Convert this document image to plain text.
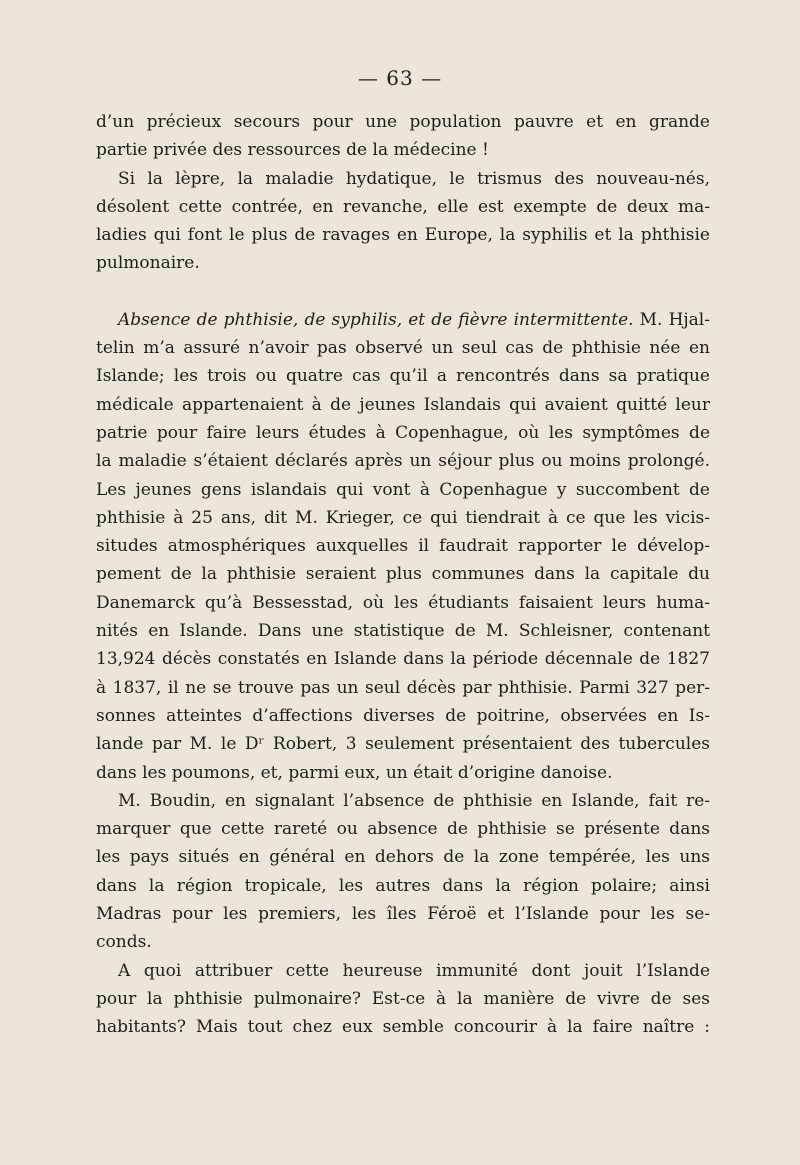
— 63 —
d’un précieux secours pour une population pauvre et en grande
partie privée des ressources de la médecine !
Si la lèpre, la maladie hydatique, le trismus des nouveau-nés,
désolent cette contrée, en revanche, elle est exempte de deux ma-
ladies qui font le plus de ravages en Europe, la syphilis et la phthisie
pulmonaire.
Absence de phthisie, de syphilis, et de fièvre intermittente. M. Hjal-
telin m’a assuré n’avoir pas observé un seul cas de phthisie née en
Islande; les trois ou quatre cas qu’il a rencontrés dans sa pratique
médicale appartenaient à de jeunes Islandais qui avaient quitté leur
patrie pour faire leurs études à Copenhague, où les symptômes de
la maladie s’étaient déclarés après un séjour plus ou moins prolongé.
Les jeunes gens islandais qui vont à Copenhague y succombent de
phthisie à 25 ans, dit M. Krieger, ce qui tiendrait à ce que les vicis-
situdes atmosphériques auxquelles il faudrait rapporter le dévelop-
pement de la phthisie seraient plus communes dans la capitale du
Danemarck qu’à Bessesstad, où les étudiants faisaient leurs huma-
nités en Islande. Dans une statistique de M. Schleisner, contenant
13,924 décès constatés en Islande dans la période décennale de 1827
à 1837, il ne se trouve pas un seul décès par phthisie. Parmi 327 per-
sonnes atteintes d’affections diverses de poitrine, observées en Is-
lande par M. le Dʳ Robert, 3 seulement présentaient des tubercules
dans les poumons, et, parmi eux, un était d’origine danoise.
M. Boudin, en signalant l’absence de phthisie en Islande, fait re-
marquer que cette rareté ou absence de phthisie se présente dans
les pays situés en général en dehors de la zone tempérée, les uns
dans la région tropicale, les autres dans la région polaire; ainsi
Madras pour les premiers, les îles Féroë et l’Islande pour les se-
conds.
A quoi attribuer cette heureuse immunité dont jouit l’Islande
pour la phthisie pulmonaire? Est-ce à la manière de vivre de ses
habitants? Mais tout chez eux semble concourir à la faire naître :
